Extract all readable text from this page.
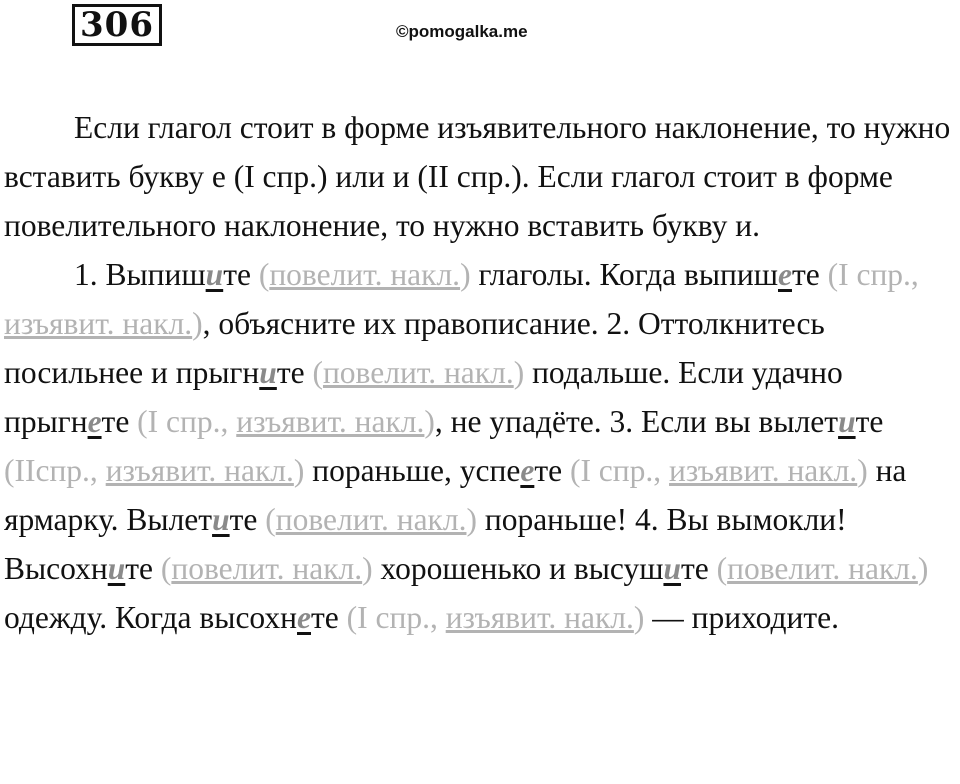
306	©pomogalka.me

Если глагол стоит в форме изъявительного наклонение, то нужно вставить букву е (I спр.) или и (II спр.). Если глагол стоит в форме повелительного наклонение, то нужно вставить букву и.

1. Выпишите (повелит. накл.) глаголы. Когда выпишете (I спр., изъявит. накл.), объясните их правописание. 2. Оттолкнитесь посильнее и прыгните (повелит. накл.) подальше. Если удачно прыгнете (I спр., изъявит. накл.), не упадёте. 3. Если вы вылетите (IIспр., изъявит. накл.) пораньше, успеете (I спр., изъявит. накл.) на ярмарку. Вылетите (повелит. накл.) пораньше! 4. Вы вымокли! Высохните (повелит. накл.) хорошенько и высушите (повелит. накл.) одежду. Когда высохнете (I спр., изъявит. накл.) — приходите.
